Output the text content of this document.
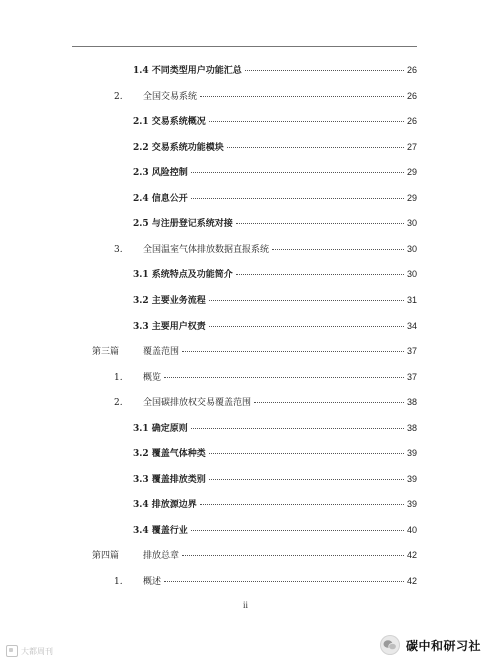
1.4 不同类型用户功能汇总	26
2.	全国交易系统	26
2.1 交易系统概况	26
2.2 交易系统功能模块	27
2.3 风险控制	29
2.4 信息公开	29
2.5 与注册登记系统对接	30
3.	全国温室气体排放数据直报系统	30
3.1 系统特点及功能简介	30
3.2 主要业务流程	31
3.3 主要用户权责	34
第三篇	覆盖范围	37
1.	概览	37
2.	全国碳排放权交易覆盖范围	38
3.1 确定原则	38
3.2 覆盖气体种类	39
3.3 覆盖排放类别	39
3.4 排放源边界	39
3.4 覆盖行业	40
第四篇	排放总章	42
1.	概述	42
ii
大都周刊	碳中和研习社
